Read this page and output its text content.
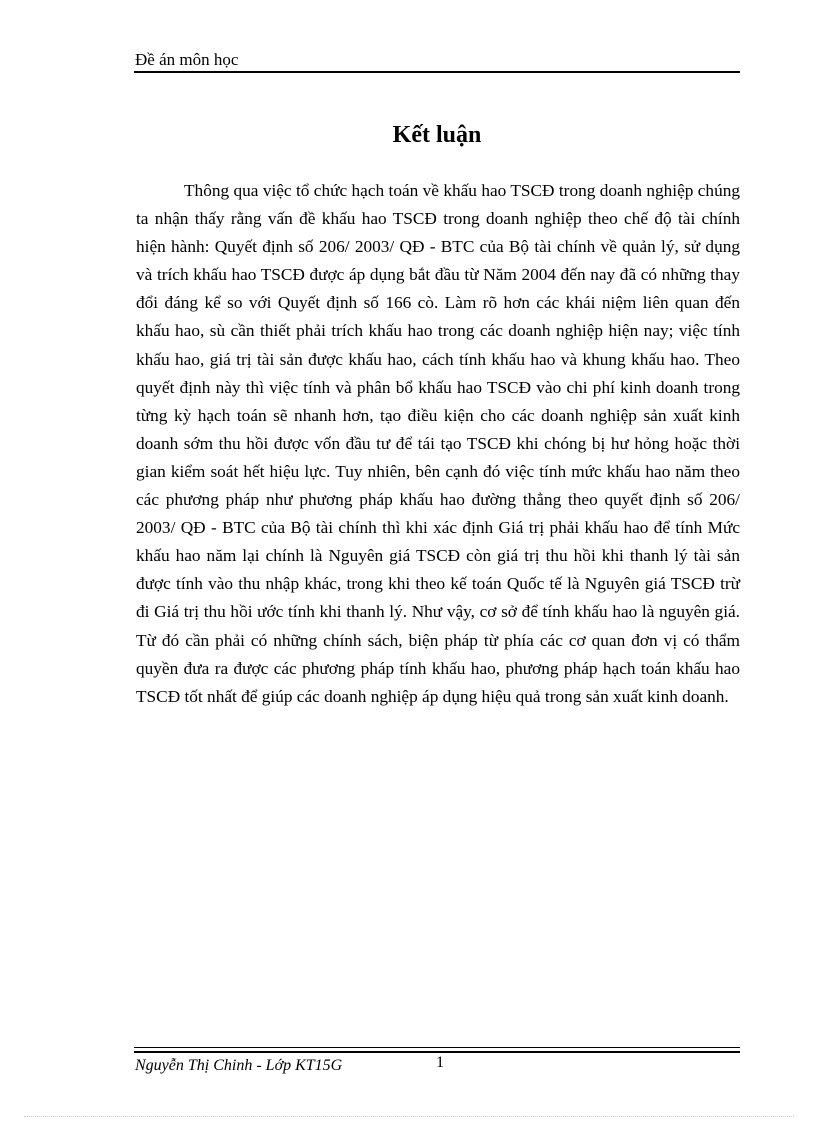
Đề án môn học
Kết luận

Thông qua việc tổ chức hạch toán về khấu hao TSCĐ trong doanh nghiệp chúng ta nhận thấy rằng vấn đề khấu hao TSCĐ trong doanh nghiệp theo chế độ tài chính hiện hành: Quyết định số 206/ 2003/ QĐ - BTC của Bộ tài chính về quản lý, sử dụng và trích khấu hao TSCĐ được áp dụng bắt đầu từ Năm 2004 đến nay đã có những thay đổi đáng kể so với Quyết định số 166 cò. Làm rõ hơn các khái niệm liên quan đến khấu hao, sù cần thiết phải trích khấu hao trong các doanh nghiệp hiện nay; việc tính khấu hao, giá trị tài sản được khấu hao, cách tính khấu hao và khung khấu hao. Theo quyết định này thì việc tính và phân bổ khấu hao TSCĐ vào chi phí kinh doanh trong từng kỳ hạch toán sẽ nhanh hơn, tạo điều kiện cho các doanh nghiệp sản xuất kinh doanh sớm thu hồi được vốn đầu tư để tái tạo TSCĐ khi chóng bị hư hỏng hoặc thời gian kiểm soát hết hiệu lực. Tuy nhiên, bên cạnh đó việc tính mức khấu hao năm theo các phương pháp như phương pháp khấu hao đường thẳng theo quyết định số 206/ 2003/ QĐ - BTC của Bộ tài chính thì khi xác định Giá trị phải khấu hao để tính Mức khấu hao năm lại chính là Nguyên giá TSCĐ còn giá trị thu hồi khi thanh lý tài sản được tính vào thu nhập khác, trong khi theo kế toán Quốc tế là Nguyên giá TSCĐ trừ đi Giá trị thu hồi ước tính khi thanh lý. Như vậy, cơ sở để tính khấu hao là nguyên giá. Từ đó cần phải có những chính sách, biện pháp từ phía các cơ quan đơn vị có thẩm quyền đưa ra được các phương pháp tính khấu hao, phương pháp hạch toán khấu hao TSCĐ tốt nhất để giúp các doanh nghiệp áp dụng hiệu quả trong sản xuất kinh doanh.

Nguyễn Thị Chinh - Lớp KT15G	1
